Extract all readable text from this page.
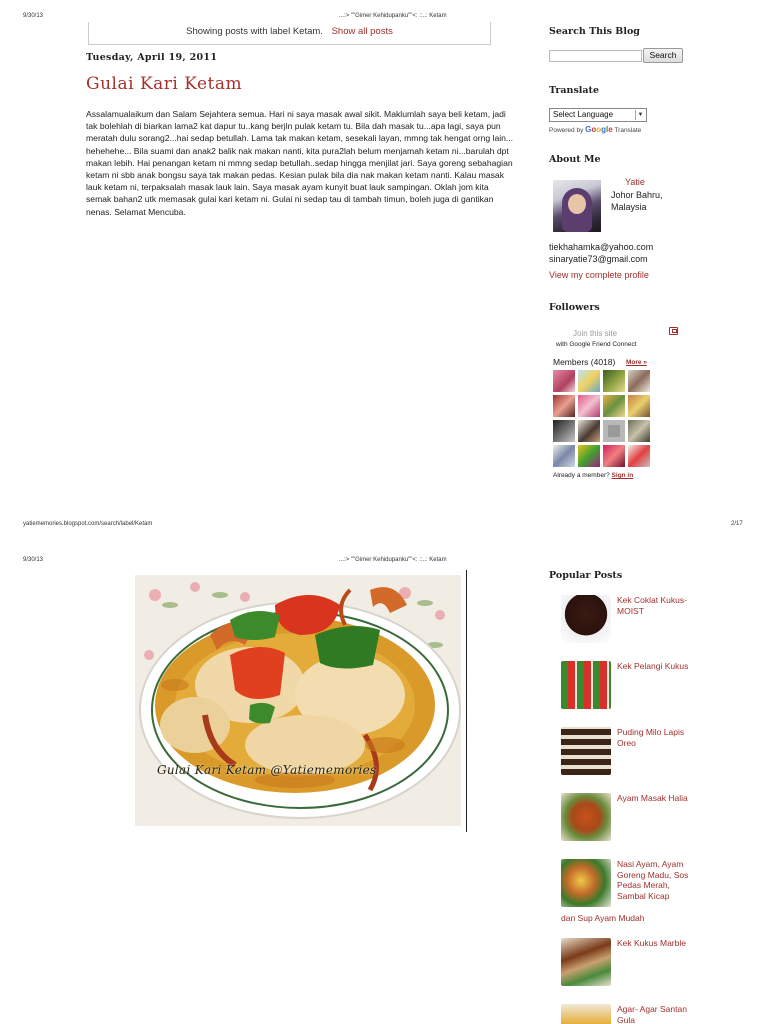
9/30/13	...:> ""Gimer Kehidupanku""<: ::..: Ketam
Showing posts with label Ketam. Show all posts
Tuesday, April 19, 2011
Gulai Kari Ketam

Assalamualaikum dan Salam Sejahtera semua. Hari ni saya masak awal sikit. Maklumlah saya beli ketam, jadi tak bolehlah di biarkan lama2 kat dapur tu..kang berjln pulak ketam tu. Bila dah masak tu...apa lagi, saya pun meratah dulu sorang2...hai sedap betullah. Lama tak makan ketam, sesekali layan, mmng tak hengat orng lain... hehehehe... Bila suami dan anak2 balik nak makan nanti, kita pura2lah belum menjamah ketam ni...barulah dpt makan lebih. Hai penangan ketam ni mmng sedap betullah..sedap hingga menjilat jari. Saya goreng sebahagian ketam ni sbb anak bongsu saya tak makan pedas. Kesian pulak bila dia nak makan ketam nanti. Kalau masak lauk ketam ni, terpaksalah masak lauk lain. Saya masak ayam kunyit buat lauk sampingan. Oklah jom kita semak bahan2 utk memasak gulai kari ketam ni. Gulai ni sedap tau di tambah timun, boleh juga di gantikan nenas. Selamat Mencuba.

Search This Blog
Search
Translate
Select Language	▼
Powered by Google Translate
About Me
Yatie
Johor Bahru, Malaysia
tiekhahamka@yahoo.com
sinaryatie73@gmail.com
View my complete profile
Followers
Join this site
with Google Friend Connect
Members (4018) More »
Already a member? Sign in
yatiememories.blogspot.com/search/label/Ketam	2/17
9/30/13	...:> ""Gimer Kehidupanku""<: ::..: Ketam
Gulai Kari Ketam @Yatiememories
Popular Posts
Kek Coklat Kukus- MOIST
Kek Pelangi Kukus
Puding Milo Lapis Oreo
Ayam Masak Halia
Nasi Ayam, Ayam Goreng Madu, Sos Pedas Merah, Sambal Kicap
dan Sup Ayam Mudah
Kek Kukus Marble
Agar- Agar Santan Gula
